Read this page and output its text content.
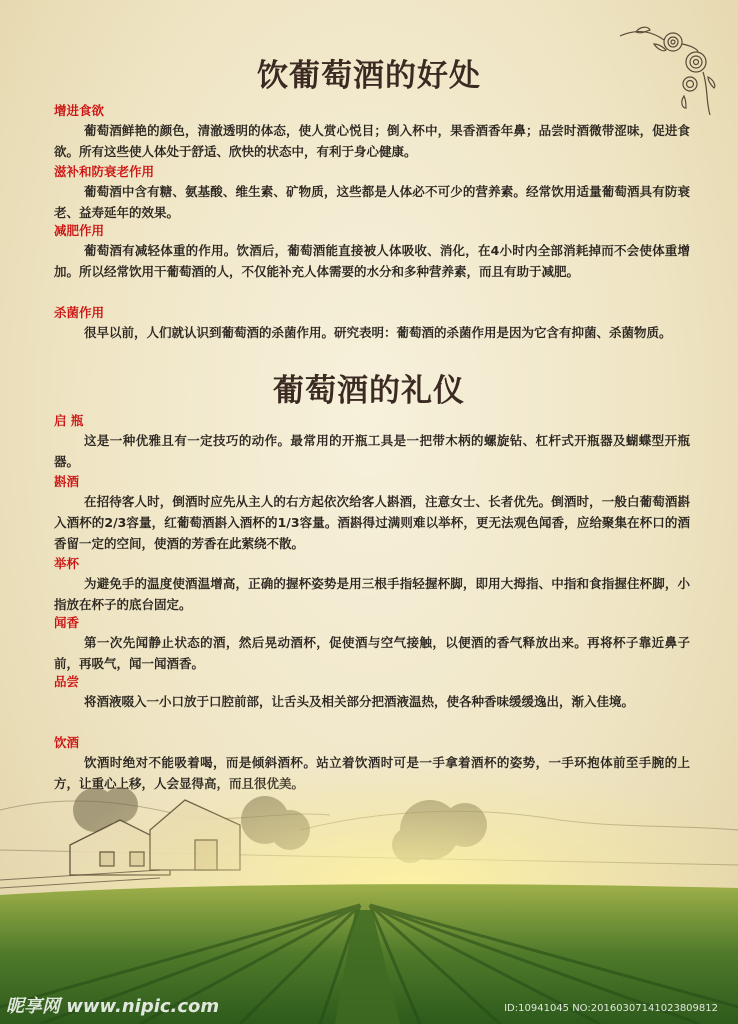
饮葡萄酒的好处

增进食欲

葡萄酒鲜艳的颜色，清澈透明的体态，使人赏心悦目；倒入杯中，果香酒香年鼻；品尝时酒微带涩味，促进食欲。所有这些使人体处于舒适、欣快的状态中，有利于身心健康。

滋补和防衰老作用

葡萄酒中含有糖、氨基酸、维生素、矿物质，这些都是人体必不可少的营养素。经常饮用适量葡萄酒具有防衰老、益寿延年的效果。

减肥作用

葡萄酒有减轻体重的作用。饮酒后，葡萄酒能直接被人体吸收、消化，在4小时内全部消耗掉而不会使体重增加。所以经常饮用干葡萄酒的人，不仅能补充人体需要的水分和多种营养素，而且有助于减肥。

杀菌作用

很早以前，人们就认识到葡萄酒的杀菌作用。研究表明：葡萄酒的杀菌作用是因为它含有抑菌、杀菌物质。

葡萄酒的礼仪

启 瓶

这是一种优雅且有一定技巧的动作。最常用的开瓶工具是一把带木柄的螺旋钻、杠杆式开瓶器及蝴蝶型开瓶器。

斟酒

在招待客人时，倒酒时应先从主人的右方起依次给客人斟酒，注意女士、长者优先。倒酒时，一般白葡萄酒斟入酒杯的2/3容量，红葡萄酒斟入酒杯的1/3容量。酒斟得过满则难以举杯，更无法观色闻香，应给聚集在杯口的酒香留一定的空间，使酒的芳香在此萦绕不散。

举杯

为避免手的温度使酒温增高，正确的握杯姿势是用三根手指轻握杯脚，即用大拇指、中指和食指握住杯脚，小指放在杯子的底台固定。

闻香

第一次先闻静止状态的酒，然后晃动酒杯，促使酒与空气接触，以便酒的香气释放出来。再将杯子靠近鼻子前，再吸气，闻一闻酒香。

品尝

将酒液啜入一小口放于口腔前部，让舌头及相关部分把酒液温热，使各种香味缓缓逸出，渐入佳境。

饮酒

饮酒时绝对不能吸着喝，而是倾斜酒杯。站立着饮酒时可是一手拿着酒杯的姿势，一手环抱体前至手腕的上

昵享网 www.nipic.com	ID:10941045 NO:20160307141023809812
